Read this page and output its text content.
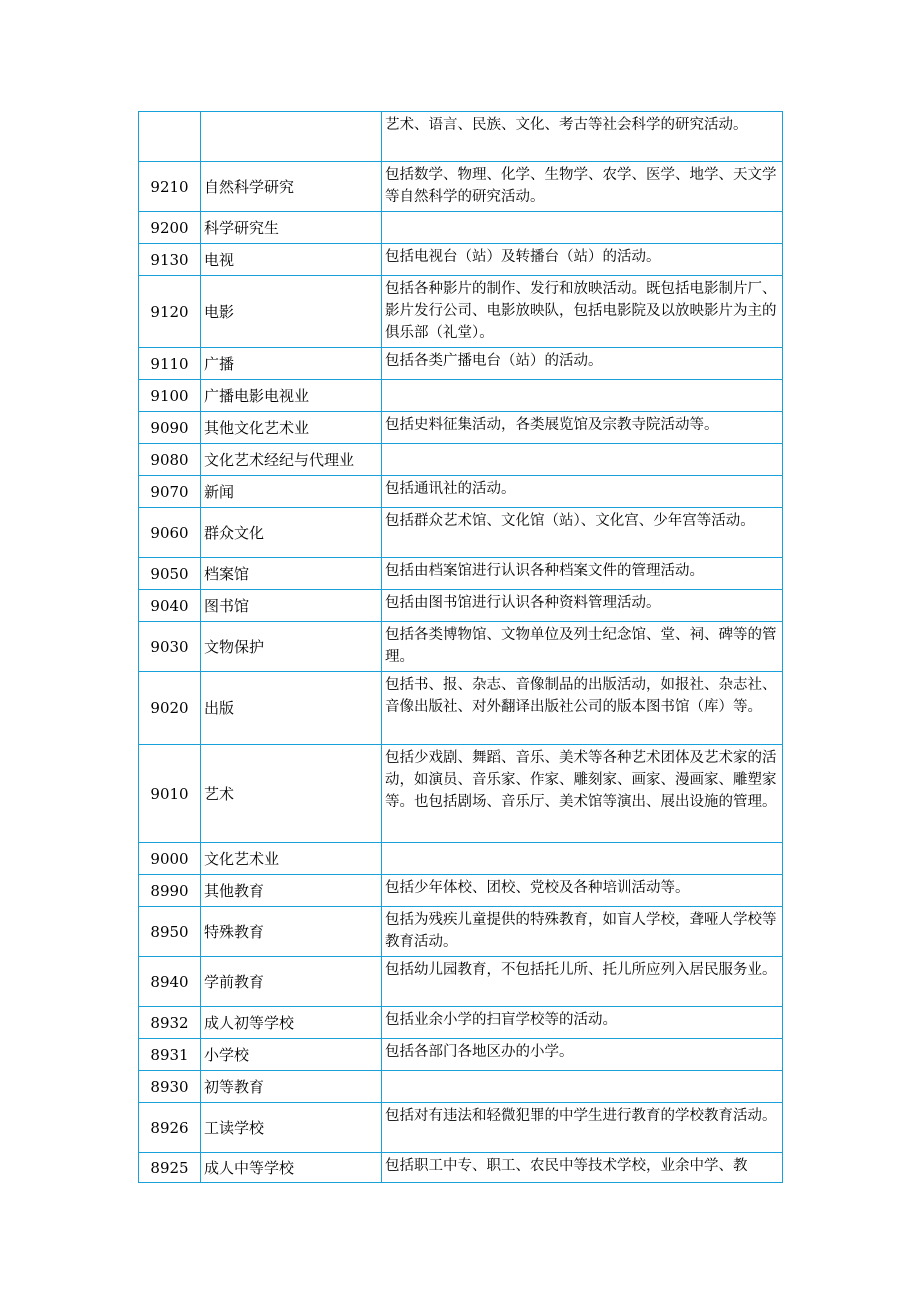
		艺术、语言、民族、文化、考古等社会科学的研究活动。
9210	自然科学研究	包括数学、物理、化学、生物学、农学、医学、地学、天文学等自然科学的研究活动。
9200	科学研究生	
9130	电视	包括电视台（站）及转播台（站）的活动。
9120	电影	包括各种影片的制作、发行和放映活动。既包括电影制片厂、影片发行公司、电影放映队，包括电影院及以放映影片为主的俱乐部（礼堂）。
9110	广播	包括各类广播电台（站）的活动。
9100	广播电影电视业	
9090	其他文化艺术业	包括史料征集活动，各类展览馆及宗教寺院活动等。
9080	文化艺术经纪与代理业	
9070	新闻	包括通讯社的活动。
9060	群众文化	包括群众艺术馆、文化馆（站）、文化宫、少年宫等活动。
9050	档案馆	包括由档案馆进行认识各种档案文件的管理活动。
9040	图书馆	包括由图书馆进行认识各种资料管理活动。
9030	文物保护	包括各类博物馆、文物单位及列士纪念馆、堂、祠、碑等的管理。
9020	出版	包括书、报、杂志、音像制品的出版活动，如报社、杂志社、音像出版社、对外翻译出版社公司的版本图书馆（库）等。
9010	艺术	包括少戏剧、舞蹈、音乐、美术等各种艺术团体及艺术家的活动，如演员、音乐家、作家、雕刻家、画家、漫画家、雕塑家等。也包括剧场、音乐厅、美术馆等演出、展出设施的管理。
9000	文化艺术业	
8990	其他教育	包括少年体校、团校、党校及各种培训活动等。
8950	特殊教育	包括为残疾儿童提供的特殊教育，如盲人学校，聋哑人学校等教育活动。
8940	学前教育	包括幼儿园教育，不包括托儿所、托儿所应列入居民服务业。
8932	成人初等学校	包括业余小学的扫盲学校等的活动。
8931	小学校	包括各部门各地区办的小学。
8930	初等教育	
8926	工读学校	包括对有违法和轻微犯罪的中学生进行教育的学校教育活动。
8925	成人中等学校	包括职工中专、职工、农民中等技术学校，业余中学、教
